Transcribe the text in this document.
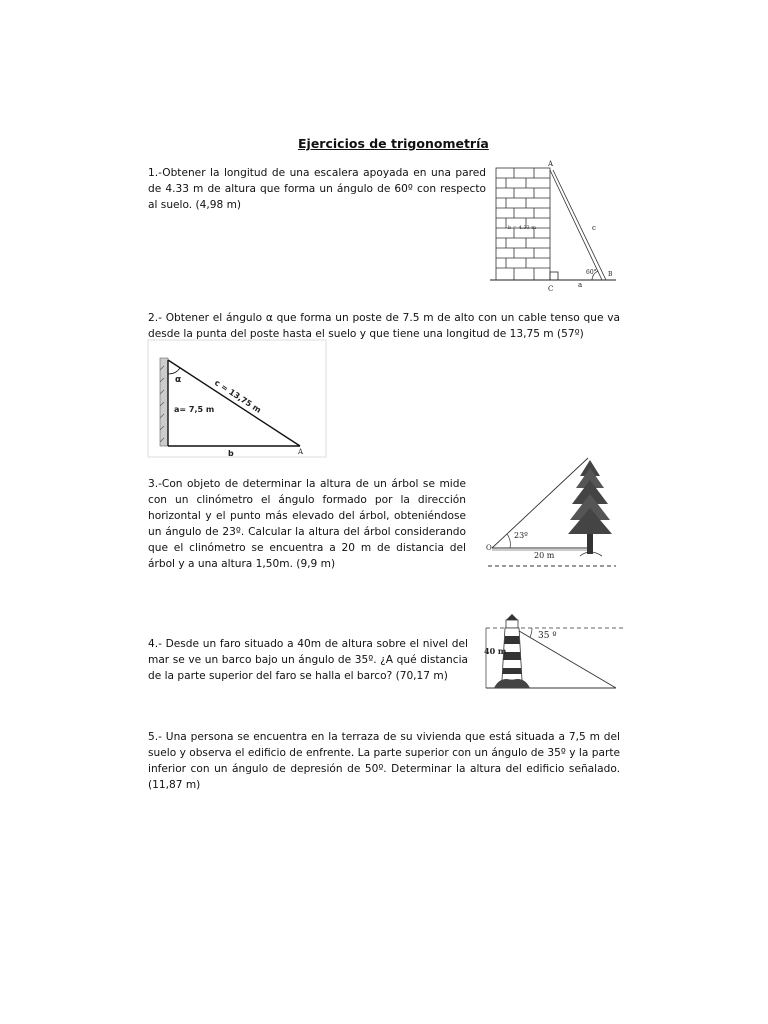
Ejercicios de trigonometría
1.-Obtener la longitud de una escalera apoyada en una pared de 4.33 m de altura que forma un ángulo de 60º con respecto al suelo. (4,98 m)
A
b = 4.33 m	c
60° B
a
C
2.- Obtener el ángulo α que forma un poste de 7.5 m de alto con un cable tenso que va desde la punta del poste hasta el suelo y que tiene una longitud de 13,75 m (57º)
α	c = 13,75 m
a= 7,5 m
b	A
3.-Con objeto de determinar la altura de un árbol se mide con un clinómetro el ángulo formado por la dirección horizontal y el punto más elevado del árbol, obteniéndose un ángulo de 23º. Calcular la altura del árbol considerando que el clinómetro se encuentra a 20 m de distancia del árbol y a una altura 1,50m. (9,9 m)
O
23º
20 m
4.- Desde un faro situado a 40m de altura sobre el nivel del mar se ve un barco bajo un ángulo de 35º. ¿A qué distancia de la parte superior del faro se halla el barco? (70,17 m)
35 º
40 m
5.- Una persona se encuentra en la terraza de su vivienda que está situada a 7,5 m del suelo y observa el edificio de enfrente. La parte superior con un ángulo de 35º y la parte inferior con un ángulo de depresión de 50º. Determinar la altura del edificio señalado. (11,87 m)
